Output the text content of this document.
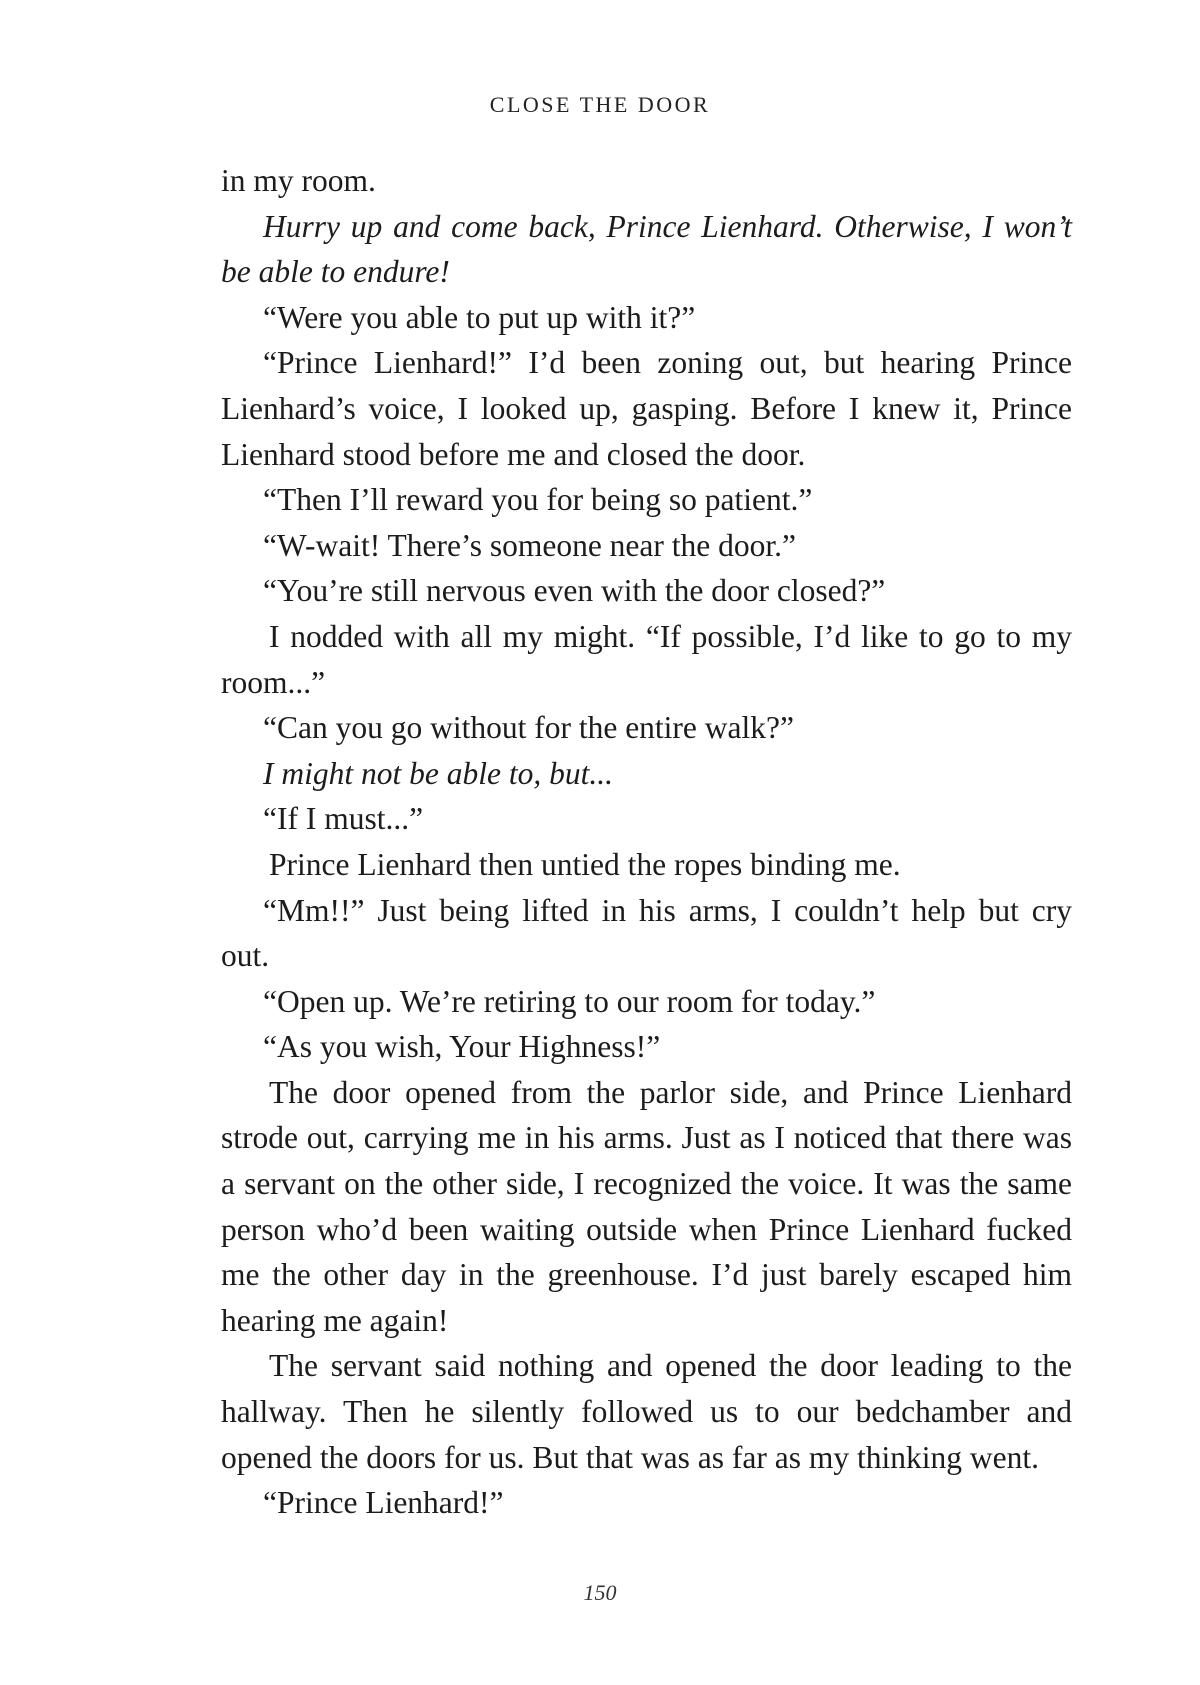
CLOSE THE DOOR

in my room.

Hurry up and come back, Prince Lienhard. Otherwise, I won’t be able to endure!

“Were you able to put up with it?”

“Prince Lienhard!” I’d been zoning out, but hearing Prince Lienhard’s voice, I looked up, gasping. Before I knew it, Prince Lienhard stood before me and closed the door.

“Then I’ll reward you for being so patient.”

“W-wait! There’s someone near the door.”

“You’re still nervous even with the door closed?”

I nodded with all my might. “If possible, I’d like to go to my room...”

“Can you go without for the entire walk?”

I might not be able to, but...

“If I must...”

Prince Lienhard then untied the ropes binding me.

“Mm!!” Just being lifted in his arms, I couldn’t help but cry out.

“Open up. We’re retiring to our room for today.”

“As you wish, Your Highness!”

The door opened from the parlor side, and Prince Lienhard strode out, carrying me in his arms. Just as I noticed that there was a servant on the other side, I recognized the voice. It was the same person who’d been waiting outside when Prince Lienhard fucked me the other day in the greenhouse. I’d just barely escaped him hearing me again!

The servant said nothing and opened the door leading to the hallway. Then he silently followed us to our bedchamber and opened the doors for us. But that was as far as my thinking went.

“Prince Lienhard!”

150
